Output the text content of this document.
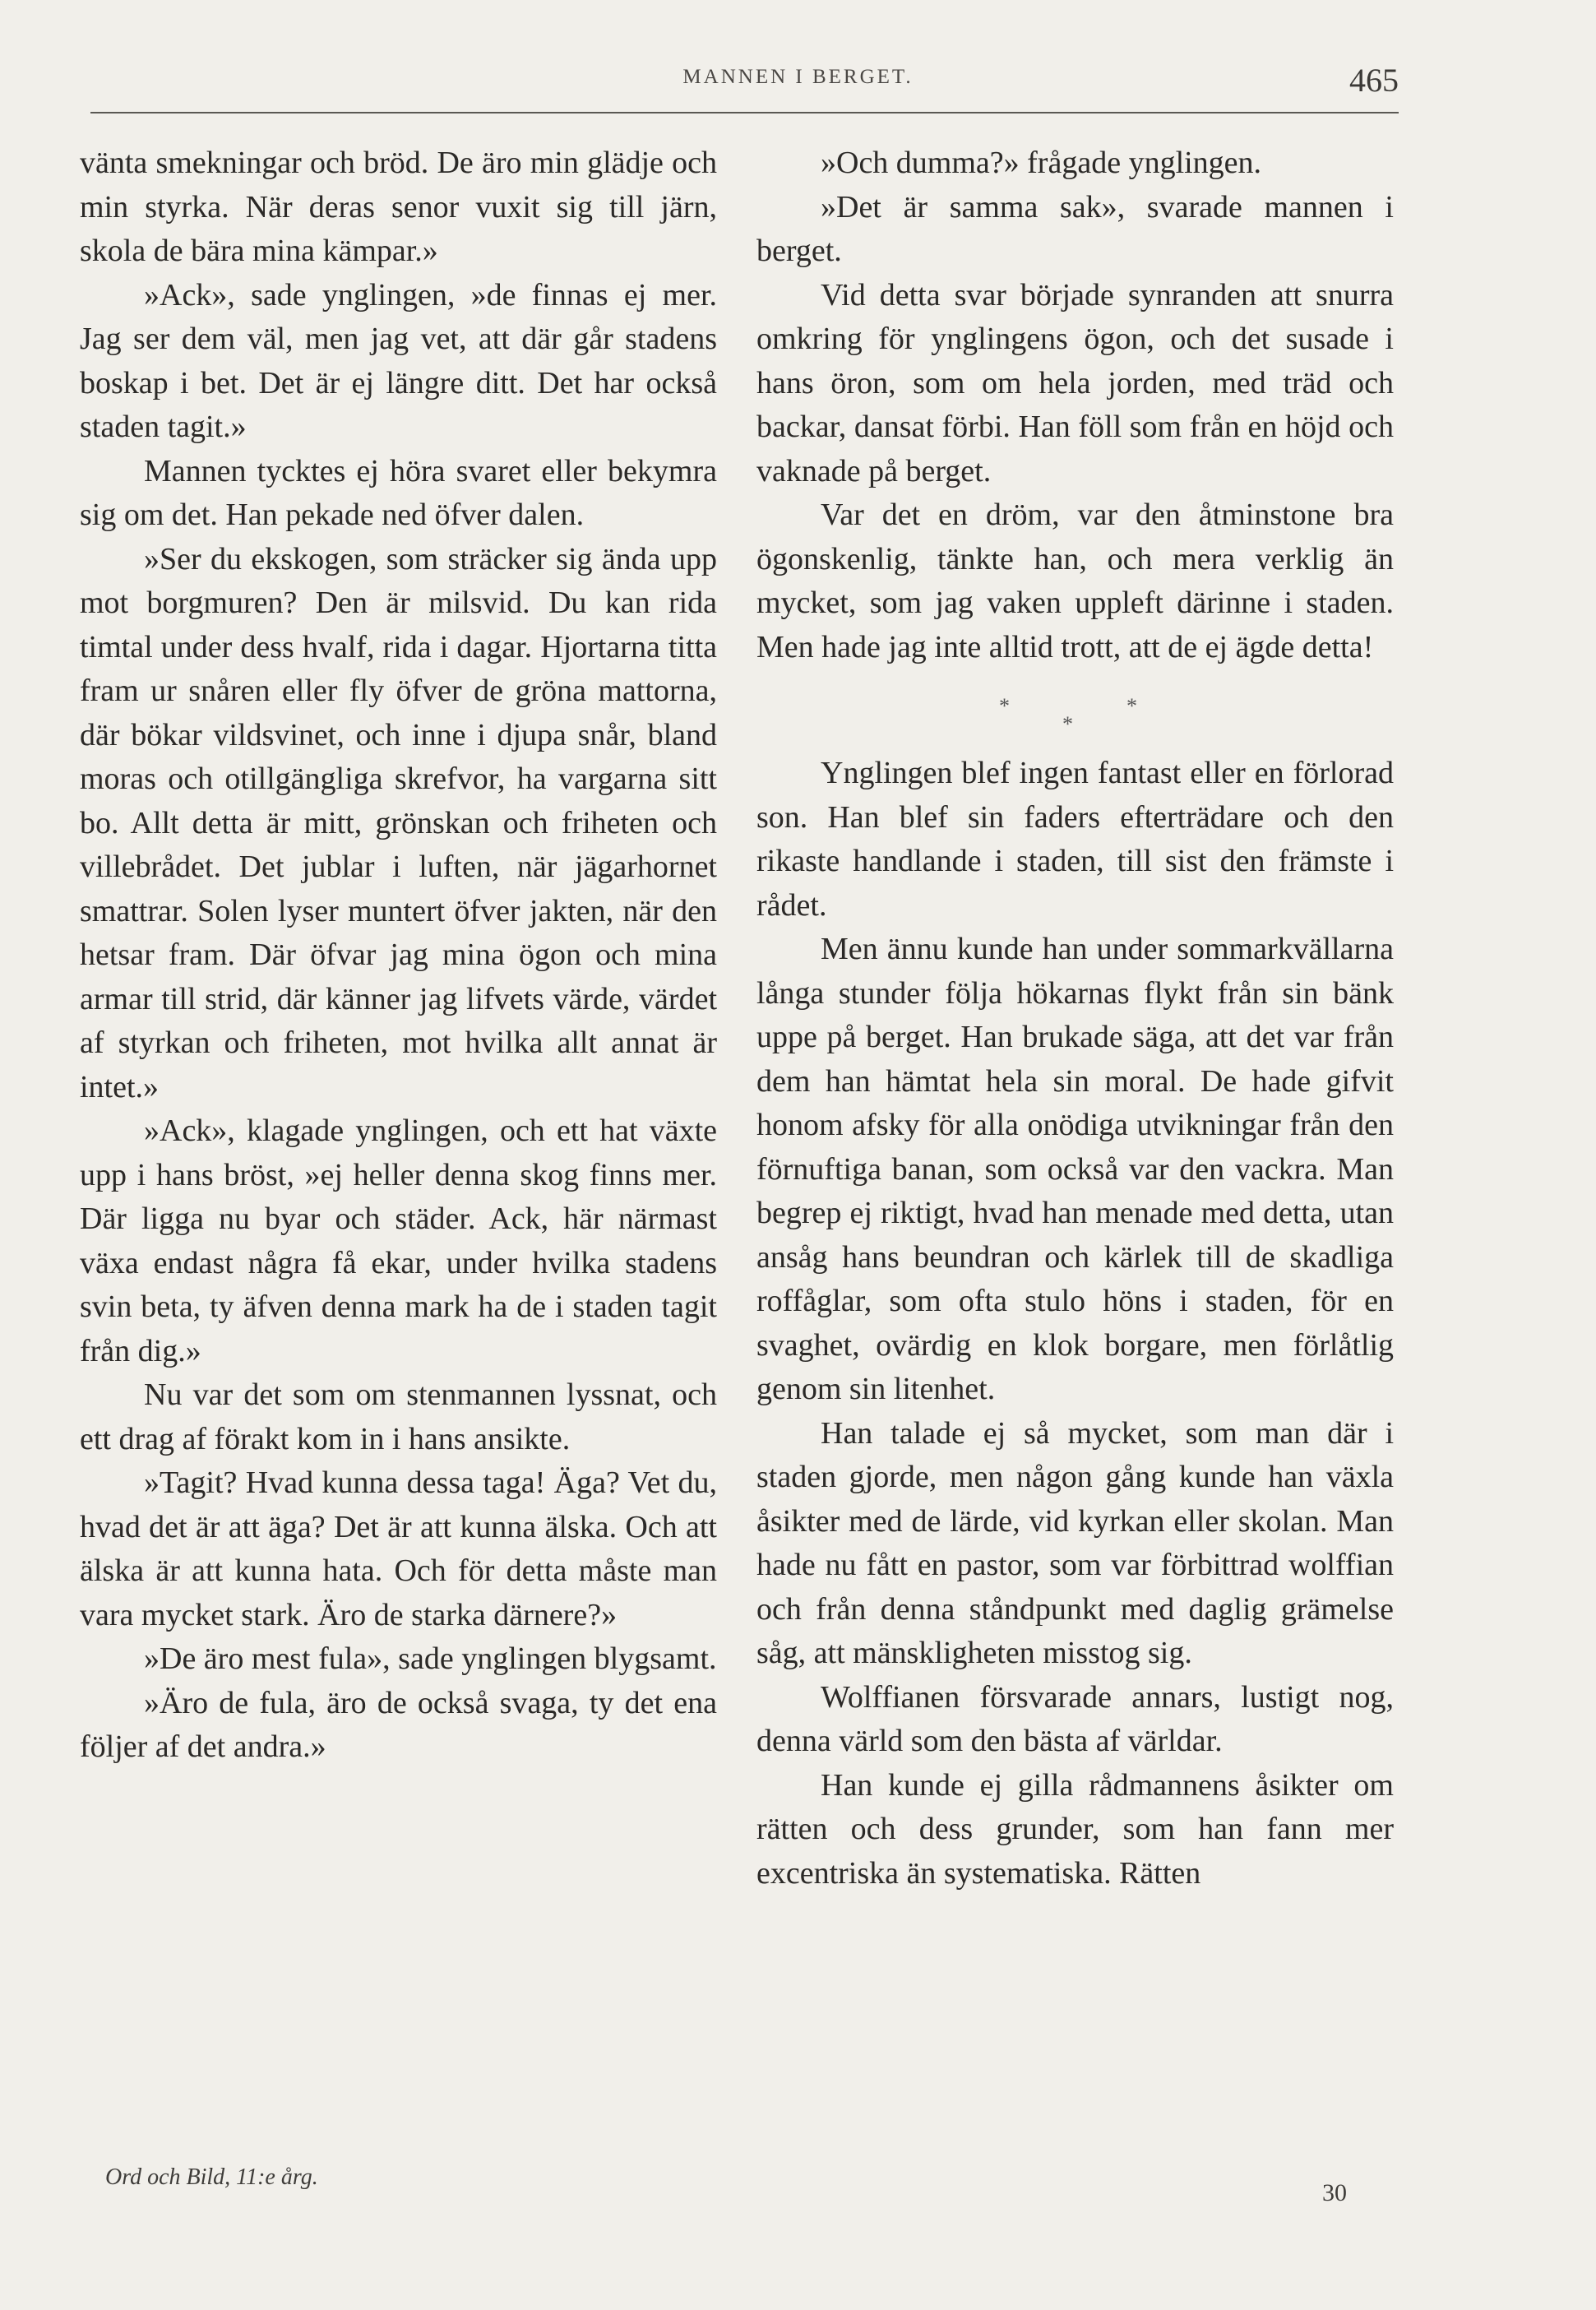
MANNEN I BERGET.	465

vänta smekningar och bröd. De äro min glädje och min styrka. När deras senor vuxit sig till järn, skola de bära mina kämpar.»

»Ack», sade ynglingen, »de finnas ej mer. Jag ser dem väl, men jag vet, att där går stadens boskap i bet. Det är ej längre ditt. Det har också staden tagit.»

Mannen tycktes ej höra svaret eller bekymra sig om det. Han pekade ned öfver dalen.

»Ser du ekskogen, som sträcker sig ända upp mot borgmuren? Den är milsvid. Du kan rida timtal under dess hvalf, rida i dagar. Hjortarna titta fram ur snåren eller fly öfver de gröna mattorna, där bökar vildsvinet, och inne i djupa snår, bland moras och otillgängliga skrefvor, ha vargarna sitt bo. Allt detta är mitt, grönskan och friheten och villebrådet. Det jublar i luften, när jägarhornet smattrar. Solen lyser muntert öfver jakten, när den hetsar fram. Där öfvar jag mina ögon och mina armar till strid, där känner jag lifvets värde, värdet af styrkan och friheten, mot hvilka allt annat är intet.»

»Ack», klagade ynglingen, och ett hat växte upp i hans bröst, »ej heller denna skog finns mer. Där ligga nu byar och städer. Ack, här närmast växa endast några få ekar, under hvilka stadens svin beta, ty äfven denna mark ha de i staden tagit från dig.»

Nu var det som om stenmannen lyssnat, och ett drag af förakt kom in i hans ansikte.

»Tagit? Hvad kunna dessa taga! Äga? Vet du, hvad det är att äga? Det är att kunna älska. Och att älska är att kunna hata. Och för detta måste man vara mycket stark. Äro de starka därnere?»

»De äro mest fula», sade ynglingen blygsamt.

»Äro de fula, äro de också svaga, ty det ena följer af det andra.»

»Och dumma?» frågade ynglingen.

»Det är samma sak», svarade mannen i berget.

Vid detta svar började synranden att snurra omkring för ynglingens ögon, och det susade i hans öron, som om hela jorden, med träd och backar, dansat förbi. Han föll som från en höjd och vaknade på berget.

Var det en dröm, var den åtminstone bra ögonskenlig, tänkte han, och mera verklig än mycket, som jag vaken uppleft därinne i staden. Men hade jag inte alltid trott, att de ej ägde detta!

*	*
*

Ynglingen blef ingen fantast eller en förlorad son. Han blef sin faders efterträdare och den rikaste handlande i staden, till sist den främste i rådet.

Men ännu kunde han under sommarkvällarna långa stunder följa hökarnas flykt från sin bänk uppe på berget. Han brukade säga, att det var från dem han hämtat hela sin moral. De hade gifvit honom afsky för alla onödiga utvikningar från den förnuftiga banan, som också var den vackra. Man begrep ej riktigt, hvad han menade med detta, utan ansåg hans beundran och kärlek till de skadliga roffåglar, som ofta stulo höns i staden, för en svaghet, ovärdig en klok borgare, men förlåtlig genom sin litenhet.

Han talade ej så mycket, som man där i staden gjorde, men någon gång kunde han växla åsikter med de lärde, vid kyrkan eller skolan. Man hade nu fått en pastor, som var förbittrad wolffian och från denna ståndpunkt med daglig grämelse såg, att mänskligheten misstog sig.

Wolffianen försvarade annars, lustigt nog, denna värld som den bästa af världar.

Han kunde ej gilla rådmannens åsikter om rätten och dess grunder, som han fann mer excentriska än systematiska. Rätten

Ord och Bild, 11:e årg.
30
